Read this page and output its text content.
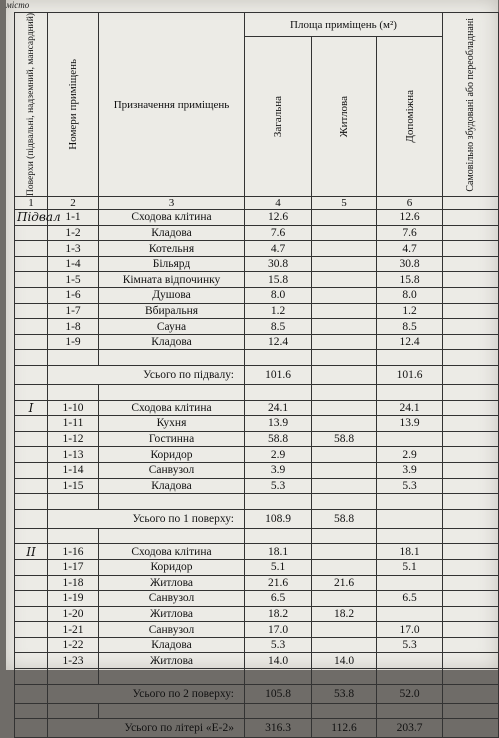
місто
Поверхи (підвальні, надземний, мансардний)	Номери приміщень	Призначення приміщень	Площа приміщень (м²)			Самовільно збудовані або переобладнані

			Загальна	Житлова	Допоміжна	

1	2	3	4	5	6	
Підвал	1-1	Сходова клітина	12.6		12.6	
	1-2	Кладова	7.6		7.6	
	1-3	Котельня	4.7		4.7	
	1-4	Більярд	30.8		30.8	
	1-5	Кімната відпочинку	15.8		15.8	
	1-6	Душова	8.0		8.0	
	1-7	Вбиральня	1.2		1.2	
	1-8	Сауна	8.5		8.5	
	1-9	Кладова	12.4		12.4	

	Усього по підвалу:		101.6		101.6	

I	1-10	Сходова клітина	24.1		24.1	
	1-11	Кухня	13.9		13.9	
	1-12	Гостинна	58.8	58.8		
	1-13	Коридор	2.9		2.9	
	1-14	Санвузол	3.9		3.9	
	1-15	Кладова	5.3		5.3	

	Усього по 1 поверху:		108.9	58.8		

II	1-16	Сходова клітина	18.1		18.1	
	1-17	Коридор	5.1		5.1	
	1-18	Житлова	21.6	21.6		
	1-19	Санвузол	6.5		6.5	
	1-20	Житлова	18.2	18.2		
	1-21	Санвузол	17.0		17.0	
	1-22	Кладова	5.3		5.3	
	1-23	Житлова	14.0	14.0		

	Усього по 2 поверху:		105.8	53.8	52.0	

	Усього по літері «Е-2»		316.3	112.6	203.7	
